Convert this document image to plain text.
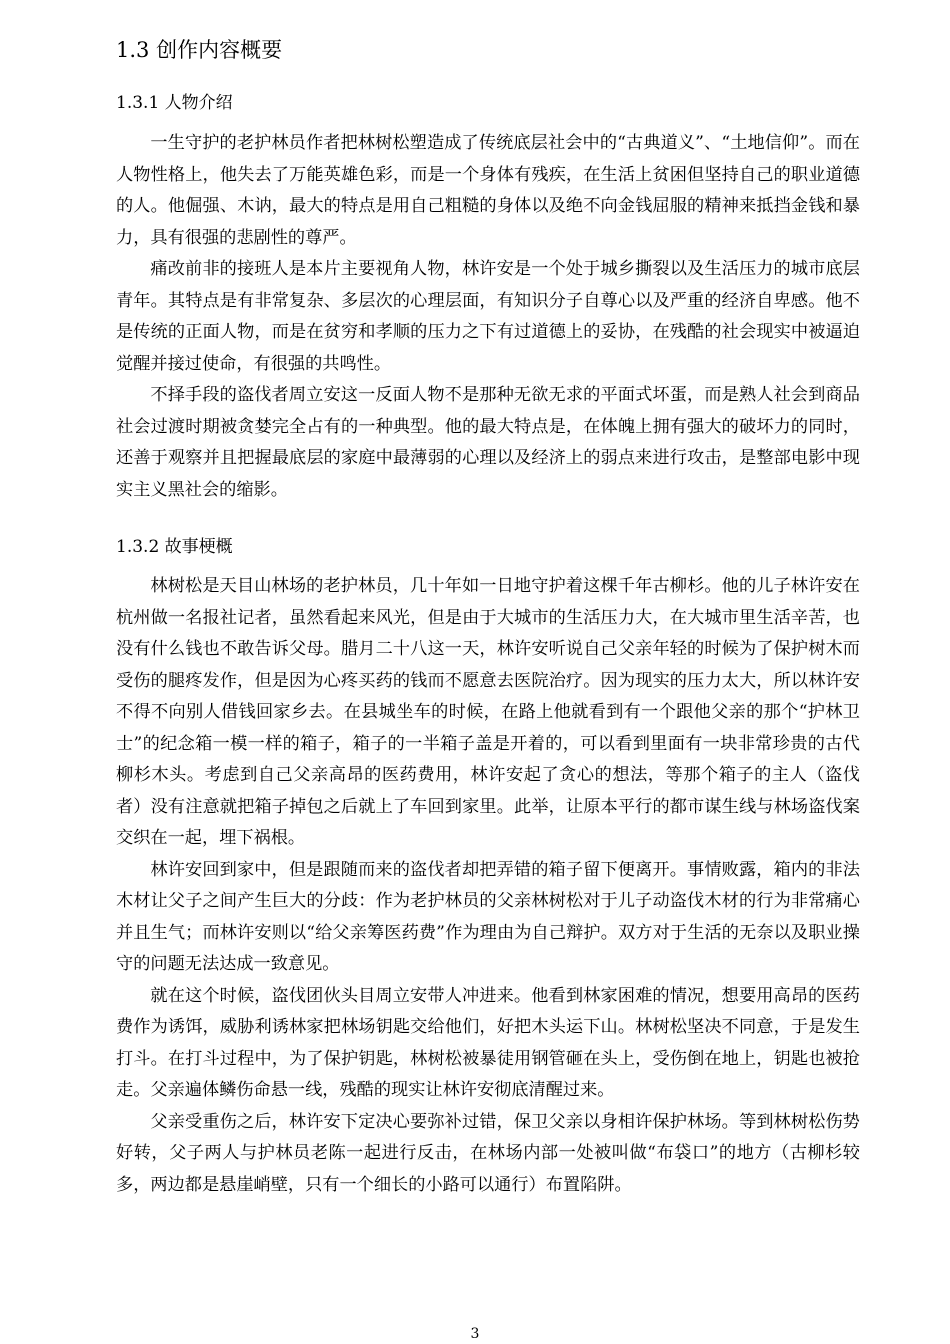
1.3 创作内容概要
1.3.1 人物介绍

一生守护的老护林员作者把林树松塑造成了传统底层社会中的“古典道义”、“土地信仰”。而在人物性格上，他失去了万能英雄色彩，而是一个身体有残疾，在生活上贫困但坚持自己的职业道德的人。他倔强、木讷，最大的特点是用自己粗糙的身体以及绝不向金钱屈服的精神来抵挡金钱和暴力，具有很强的悲剧性的尊严。

痛改前非的接班人是本片主要视角人物，林许安是一个处于城乡撕裂以及生活压力的城市底层青年。其特点是有非常复杂、多层次的心理层面，有知识分子自尊心以及严重的经济自卑感。他不是传统的正面人物，而是在贫穷和孝顺的压力之下有过道德上的妥协，在残酷的社会现实中被逼迫觉醒并接过使命，有很强的共鸣性。

不择手段的盗伐者周立安这一反面人物不是那种无欲无求的平面式坏蛋，而是熟人社会到商品社会过渡时期被贪婪完全占有的一种典型。他的最大特点是，在体魄上拥有强大的破坏力的同时，还善于观察并且把握最底层的家庭中最薄弱的心理以及经济上的弱点来进行攻击，是整部电影中现实主义黑社会的缩影。

1.3.2 故事梗概

林树松是天目山林场的老护林员，几十年如一日地守护着这棵千年古柳杉。他的儿子林许安在杭州做一名报社记者，虽然看起来风光，但是由于大城市的生活压力大，在大城市里生活辛苦，也没有什么钱也不敢告诉父母。腊月二十八这一天，林许安听说自己父亲年轻的时候为了保护树木而受伤的腿疼发作，但是因为心疼买药的钱而不愿意去医院治疗。因为现实的压力太大，所以林许安不得不向别人借钱回家乡去。在县城坐车的时候，在路上他就看到有一个跟他父亲的那个“护林卫士”的纪念箱一模一样的箱子，箱子的一半箱子盖是开着的，可以看到里面有一块非常珍贵的古代柳杉木头。考虑到自己父亲高昂的医药费用，林许安起了贪心的想法，等那个箱子的主人（盗伐者）没有注意就把箱子掉包之后就上了车回到家里。此举，让原本平行的都市谋生线与林场盗伐案交织在一起，埋下祸根。

林许安回到家中，但是跟随而来的盗伐者却把弄错的箱子留下便离开。事情败露，箱内的非法木材让父子之间产生巨大的分歧：作为老护林员的父亲林树松对于儿子动盗伐木材的行为非常痛心并且生气；而林许安则以“给父亲筹医药费”作为理由为自己辩护。双方对于生活的无奈以及职业操守的问题无法达成一致意见。

就在这个时候，盗伐团伙头目周立安带人冲进来。他看到林家困难的情况，想要用高昂的医药费作为诱饵，威胁利诱林家把林场钥匙交给他们，好把木头运下山。林树松坚决不同意，于是发生打斗。在打斗过程中，为了保护钥匙，林树松被暴徒用钢管砸在头上，受伤倒在地上，钥匙也被抢走。父亲遍体鳞伤命悬一线，残酷的现实让林许安彻底清醒过来。

父亲受重伤之后，林许安下定决心要弥补过错，保卫父亲以身相许保护林场。等到林树松伤势好转，父子两人与护林员老陈一起进行反击，在林场内部一处被叫做“布袋口”的地方（古柳杉较多，两边都是悬崖峭壁，只有一个细长的小路可以通行）布置陷阱。

3
